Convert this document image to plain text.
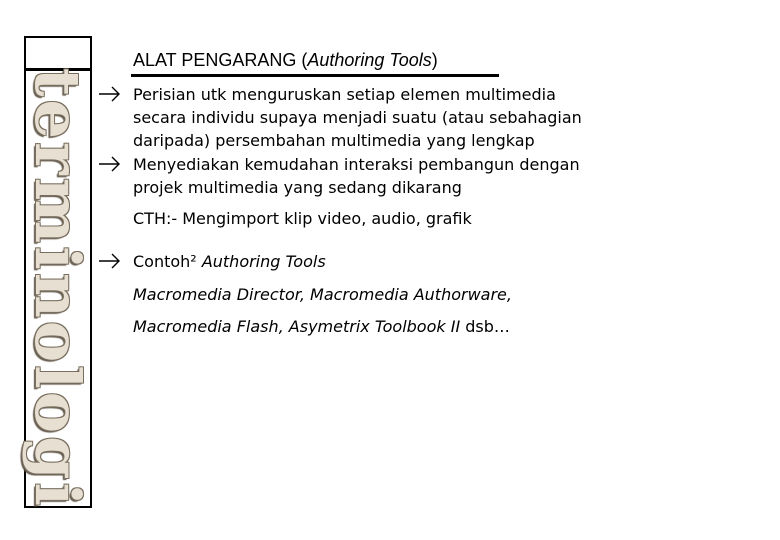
terminologi
ALAT PENGARANG (Authoring Tools)
Perisian utk menguruskan setiap elemen multimedia
secara individu supaya menjadi suatu (atau sebahagian
daripada) persembahan multimedia yang lengkap
Menyediakan kemudahan interaksi pembangun dengan
projek multimedia yang sedang dikarang
CTH:- Mengimport klip video, audio, grafik
Contoh² Authoring Tools
Macromedia Director, Macromedia Authorware,
Macromedia Flash, Asymetrix Toolbook II dsb…
